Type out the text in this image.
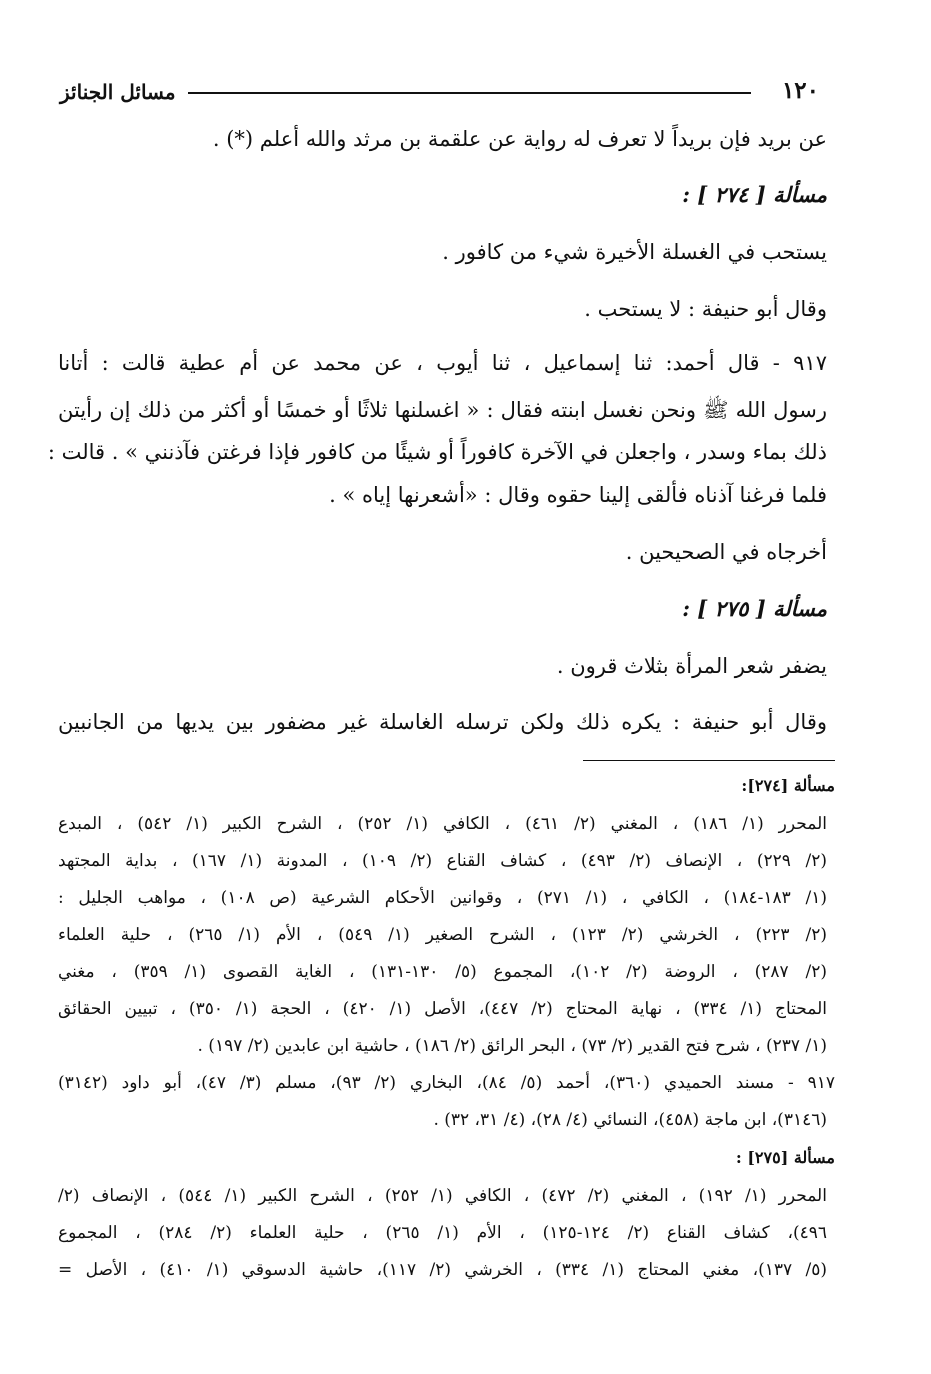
١٢٠
مسائل الجنائز
عن بريد فإن بريداً لا تعرف له رواية عن علقمة بن مرثد والله أعلم (*) .
مسألة [ ٢٧٤ ] :
يستحب في الغسلة الأخيرة شيء من كافور .
وقال أبو حنيفة : لا يستحب .
٩١٧ - قال أحمد: ثنا إسماعيل ، ثنا أيوب ، عن محمد عن أم عطية قالت : أتانا
رسول الله ﷺ ونحن نغسل ابنته فقال : « اغسلنها ثلاثًا أو خمسًا أو أكثر من ذلك إن رأيتن
ذلك بماء وسدر ، واجعلن في الآخرة كافوراً أو شيئًا من كافور فإذا فرغتن فآذنني » . قالت :
فلما فرغنا آذناه فألقى إلينا حقوه وقال : «أشعرنها إياه » .
أخرجاه في الصحيحين .
مسألة [ ٢٧٥ ] :
يضفر شعر المرأة بثلاث قرون .
وقال أبو حنيفة : يكره ذلك ولكن ترسله الغاسلة غير مضفور بين يديها من الجانبين
مسألة [٢٧٤]:
المحرر (١/ ١٨٦) ، المغني (٢/ ٤٦١) ، الكافي (١/ ٢٥٢) ، الشرح الكبير (١/ ٥٤٢) ، المبدع
(٢/ ٢٢٩) ، الإنصاف (٢/ ٤٩٣) ، كشاف القناع (٢/ ١٠٩) ، المدونة (١/ ١٦٧) ، بداية المجتهد
(١/ ١٨٣-١٨٤) ، الكافي ، (١/ ٢٧١) ، وقوانين الأحكام الشرعية (ص ١٠٨) ، مواهب الجليل :
(٢/ ٢٢٣) ، الخرشي (٢/ ١٢٣) ، الشرح الصغير (١/ ٥٤٩) ، الأم (١/ ٢٦٥) ، حلية العلماء
(٢/ ٢٨٧) ، الروضة (٢/ ١٠٢)، المجموع (٥/ ١٣٠-١٣١) ، الغاية القصوى (١/ ٣٥٩) ، مغني
المحتاج (١/ ٣٣٤) ، نهاية المحتاج (٢/ ٤٤٧)، الأصل (١/ ٤٢٠) ، الحجة (١/ ٣٥٠) ، تبيين الحقائق
(١/ ٢٣٧) ، شرح فتح القدير (٢/ ٧٣) ، البحر الرائق (٢/ ١٨٦) ، حاشية ابن عابدين (٢/ ١٩٧) .
٩١٧ - مسند الحميدي (٣٦٠)، أحمد (٥/ ٨٤)، البخاري (٢/ ٩٣)، مسلم (٣/ ٤٧)، أبو داود (٣١٤٢)
(٣١٤٦)، ابن ماجة (٤٥٨)، النسائي (٤/ ٢٨)، (٤/ ٣١، ٣٢) .
مسألة [٢٧٥] :
المحرر (١/ ١٩٢) ، المغني (٢/ ٤٧٢) ، الكافي (١/ ٢٥٢) ، الشرح الكبير (١/ ٥٤٤) ، الإنصاف (٢/
٤٩٦)، كشاف القناع (٢/ ١٢٤-١٢٥) ، الأم (١/ ٢٦٥) ، حلية العلماء (٢/ ٢٨٤) ، المجموع
(٥/ ١٣٧)، مغني المحتاج (١/ ٣٣٤) ، الخرشي (٢/ ١١٧)، حاشية الدسوقي (١/ ٤١٠) ، الأصل =
